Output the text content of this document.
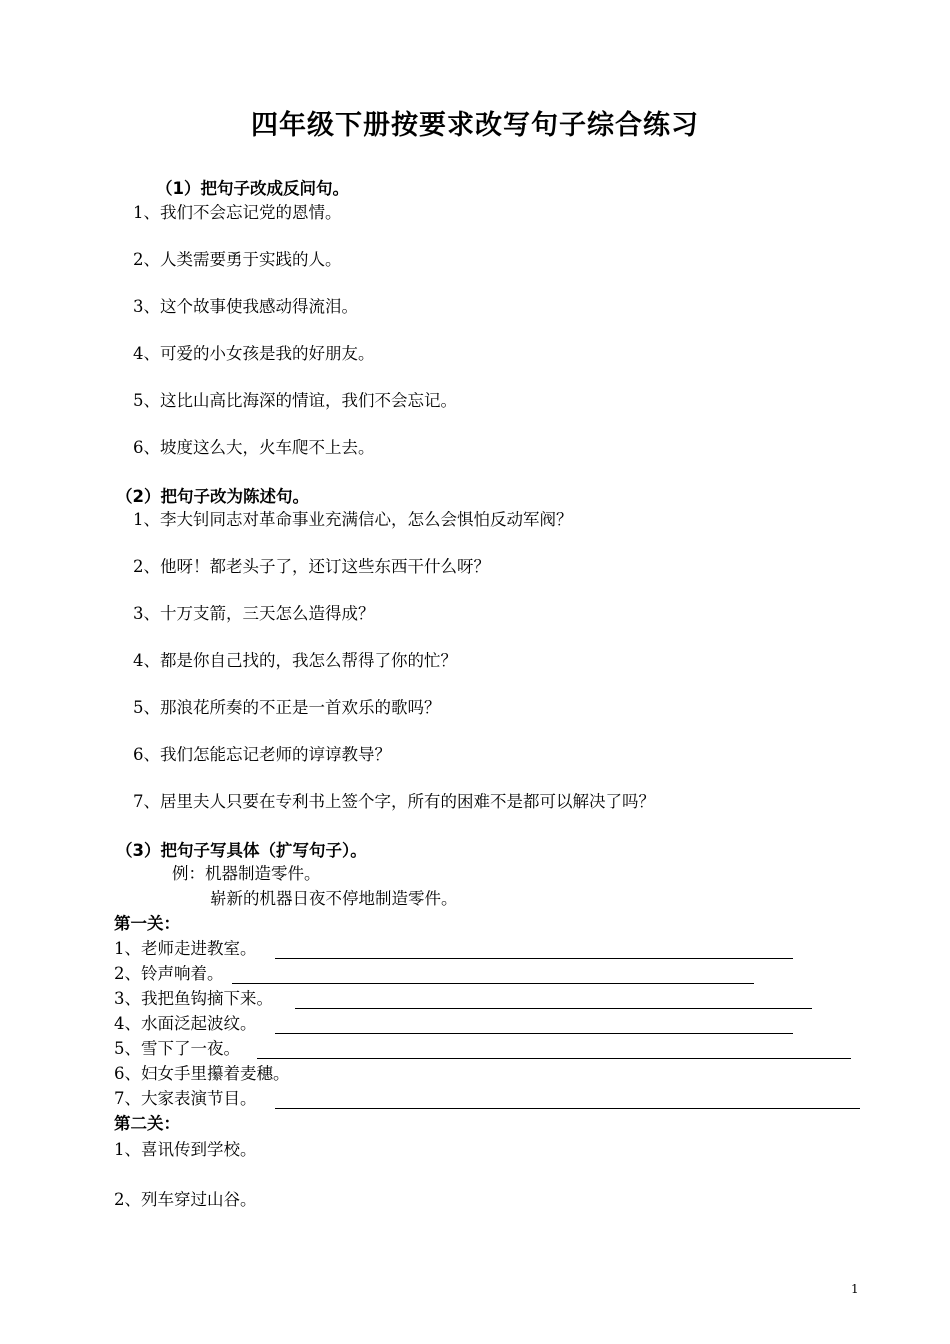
四年级下册按要求改写句子综合练习
（1）把句子改成反问句。
1、我们不会忘记党的恩情。
2、人类需要勇于实践的人。
3、这个故事使我感动得流泪。
4、可爱的小女孩是我的好朋友。
5、这比山高比海深的情谊，我们不会忘记。
6、坡度这么大，火车爬不上去。
（2）把句子改为陈述句。
1、李大钊同志对革命事业充满信心，怎么会惧怕反动军阀？
2、他呀！都老头子了，还订这些东西干什么呀？
3、十万支箭，三天怎么造得成？
4、都是你自己找的，我怎么帮得了你的忙？
5、那浪花所奏的不正是一首欢乐的歌吗？
6、我们怎能忘记老师的谆谆教导？
7、居里夫人只要在专利书上签个字，所有的困难不是都可以解决了吗？
（3）把句子写具体（扩写句子）。
例：机器制造零件。
崭新的机器日夜不停地制造零件。
第一关：
1、老师走进教室。
2、铃声响着。
3、我把鱼钩摘下来。
4、水面泛起波纹。
5、雪下了一夜。
6、妇女手里攥着麦穗。
7、大家表演节目。
第二关：
1、喜讯传到学校。
2、列车穿过山谷。
1
